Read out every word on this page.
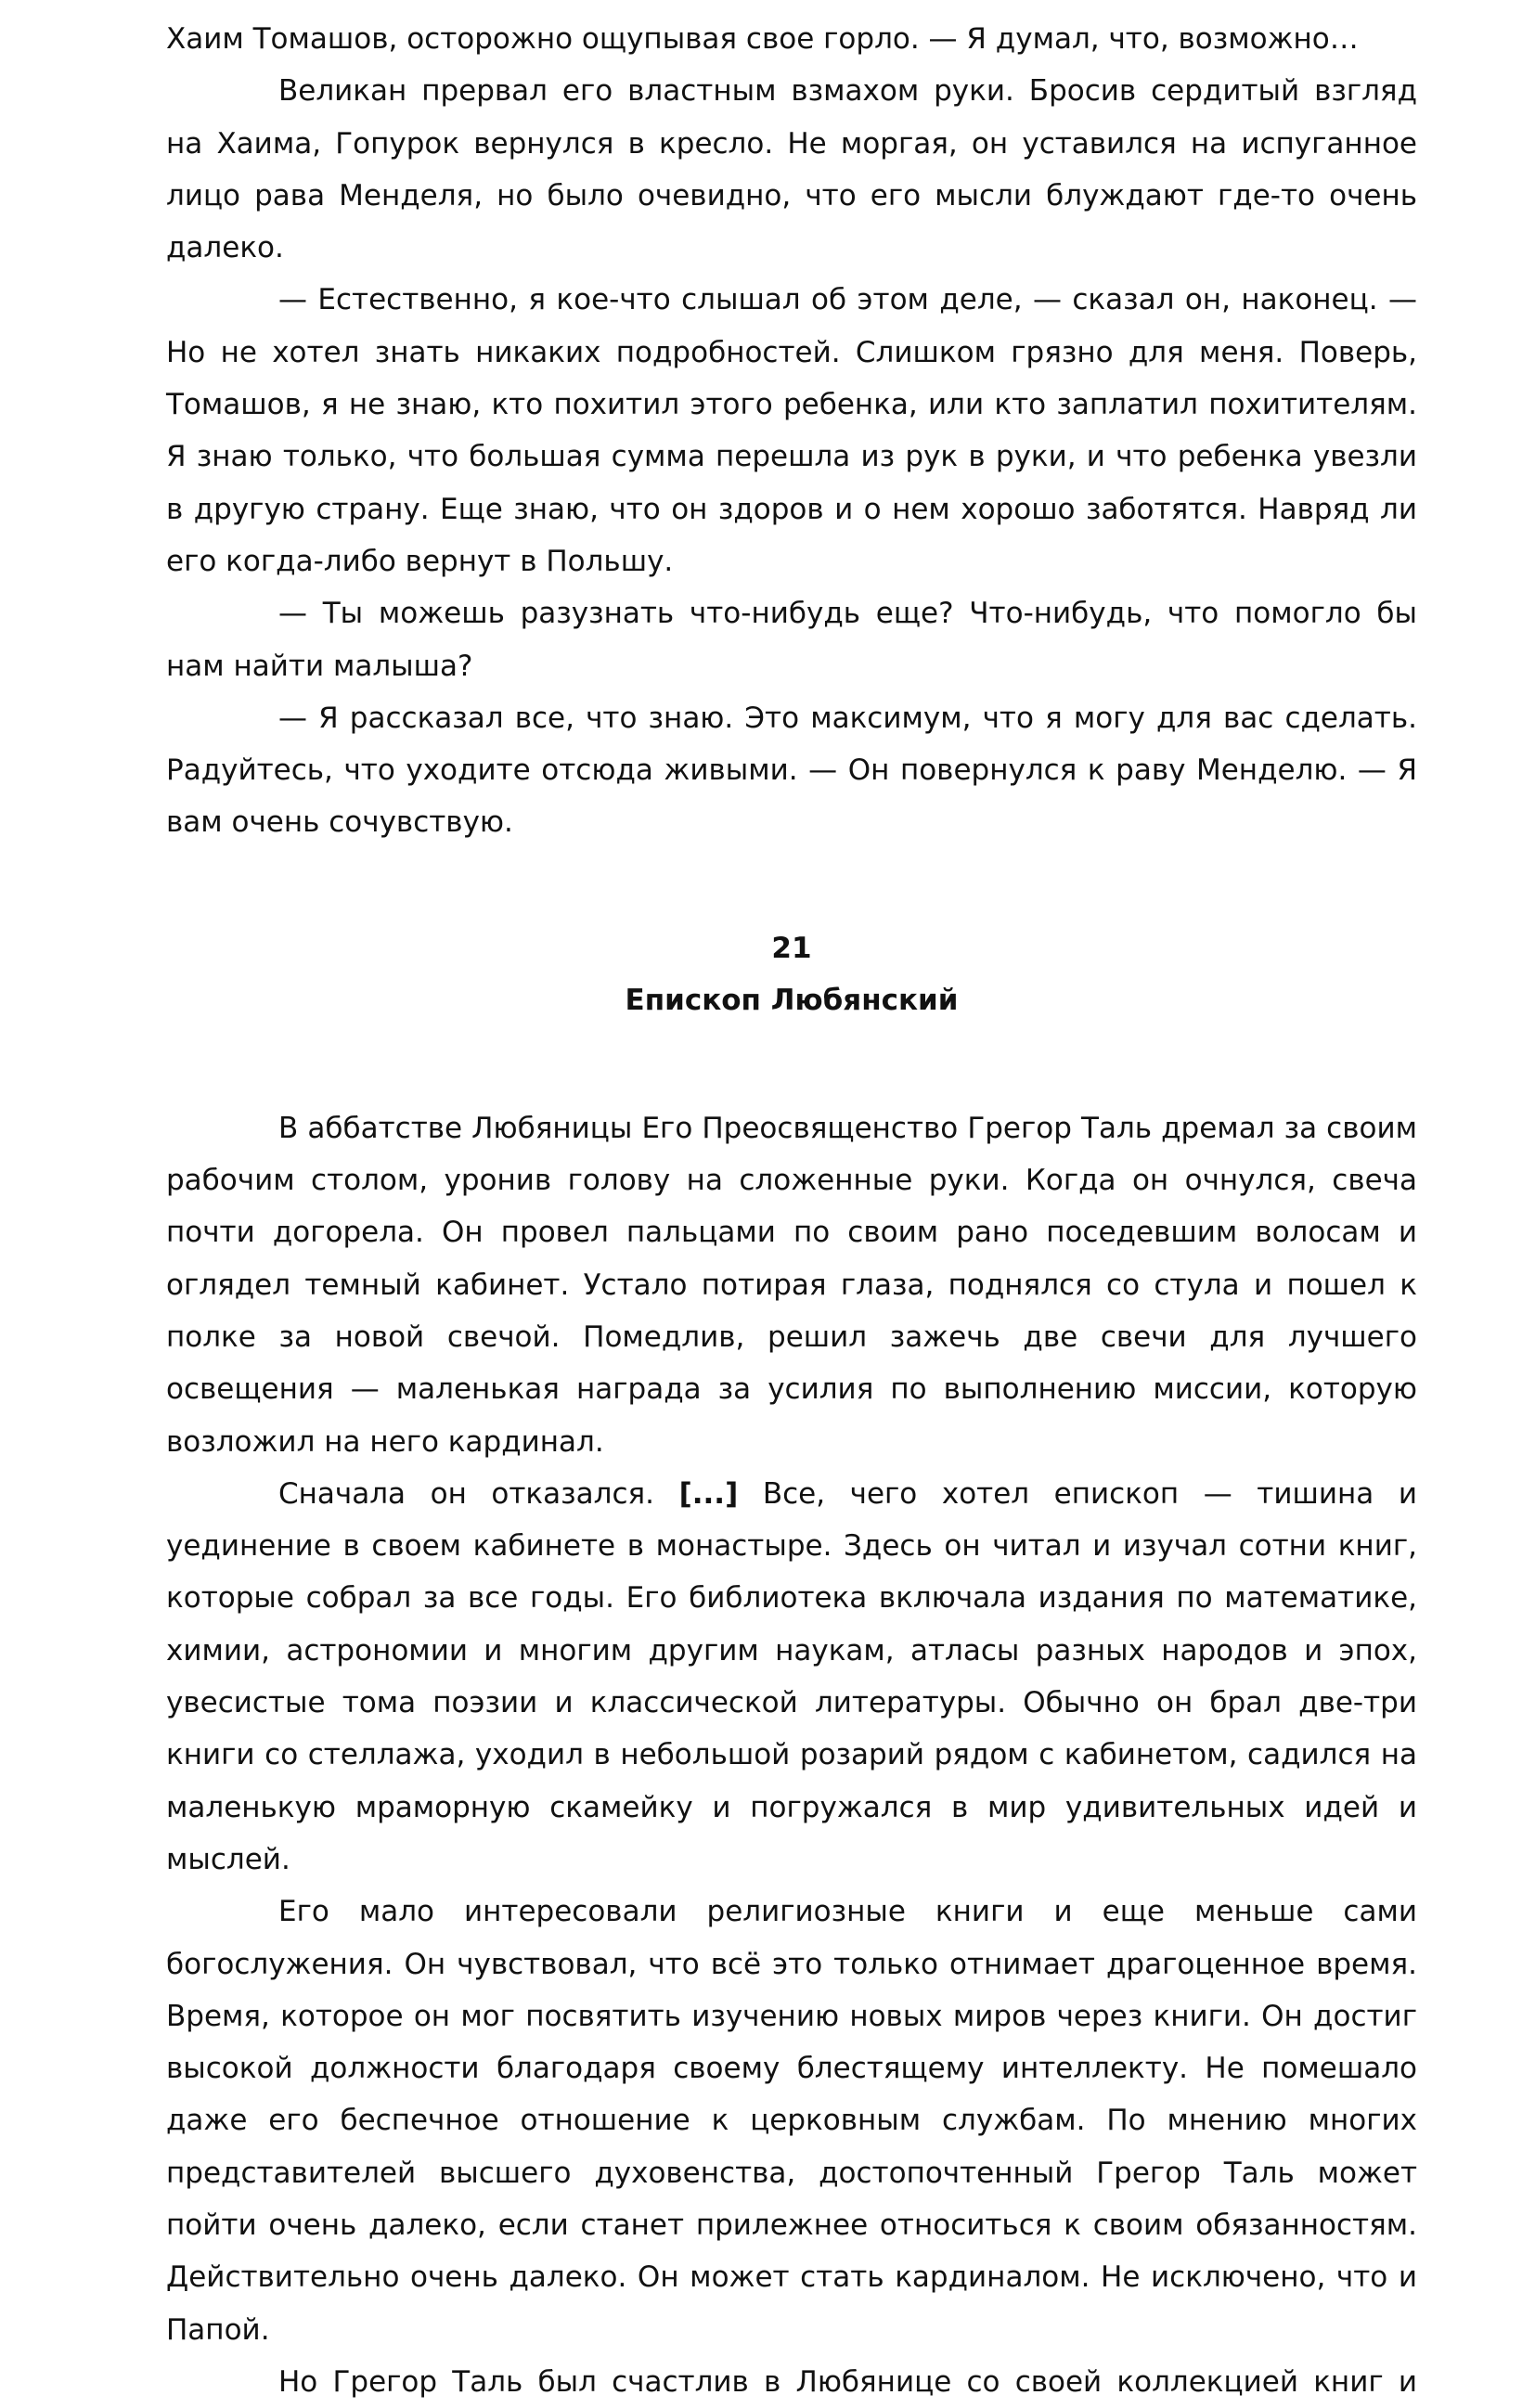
Хаим Томашов, осторожно ощупывая свое горло. — Я думал, что, возможно…

Великан прервал его властным взмахом руки. Бросив сердитый взгляд на Хаима, Гопурок вернулся в кресло. Не моргая, он уставился на испуганное лицо рава Менделя, но было очевидно, что его мысли блуждают где-то очень далеко.

— Естественно, я кое-что слышал об этом деле, — сказал он, наконец. — Но не хотел знать никаких подробностей. Слишком грязно для меня. Поверь, Томашов, я не знаю, кто похитил этого ребенка, или кто заплатил похитителям. Я знаю только, что большая сумма перешла из рук в руки, и что ребенка увезли в другую страну. Еще знаю, что он здоров и о нем хорошо заботятся. Навряд ли его когда-либо вернут в Польшу.

— Ты можешь разузнать что-нибудь еще? Что-нибудь, что помогло бы нам найти малыша?

— Я рассказал все, что знаю. Это максимум, что я могу для вас сделать. Радуйтесь, что уходите отсюда живыми. — Он повернулся к раву Менделю. — Я вам очень сочувствую.

21
Епископ Любянский

В аббатстве Любяницы Его Преосвященство Грегор Таль дремал за своим рабочим столом, уронив голову на сложенные руки. Когда он очнулся, свеча почти догорела. Он провел пальцами по своим рано поседевшим волосам и оглядел темный кабинет. Устало потирая глаза, поднялся со стула и пошел к полке за новой свечой. Помедлив, решил зажечь две свечи для лучшего освещения — маленькая награда за усилия по выполнению миссии, которую возложил на него кардинал.

Сначала он отказался. [...] Все, чего хотел епископ — тишина и уединение в своем кабинете в монастыре. Здесь он читал и изучал сотни книг, которые собрал за все годы. Его библиотека включала издания по математике, химии, астрономии и многим другим наукам, атласы разных народов и эпох, увесистые тома поэзии и классической литературы. Обычно он брал две-три книги со стеллажа, уходил в небольшой розарий рядом с кабинетом, садился на маленькую мраморную скамейку и погружался в мир удивительных идей и мыслей.

Его мало интересовали религиозные книги и еще меньше сами богослужения. Он чувствовал, что всё это только отнимает драгоценное время. Время, которое он мог посвятить изучению новых миров через книги. Он достиг высокой должности благодаря своему блестящему интеллекту. Не помешало даже его беспечное отношение к церковным службам. По мнению многих представителей высшего духовенства, достопочтенный Грегор Таль может пойти очень далеко, если станет прилежнее относиться к своим обязанностям. Действительно очень далеко. Он может стать кардиналом. Не исключено, что и Папой.

Но Грегор Таль был счастлив в Любянице со своей коллекцией книг и
